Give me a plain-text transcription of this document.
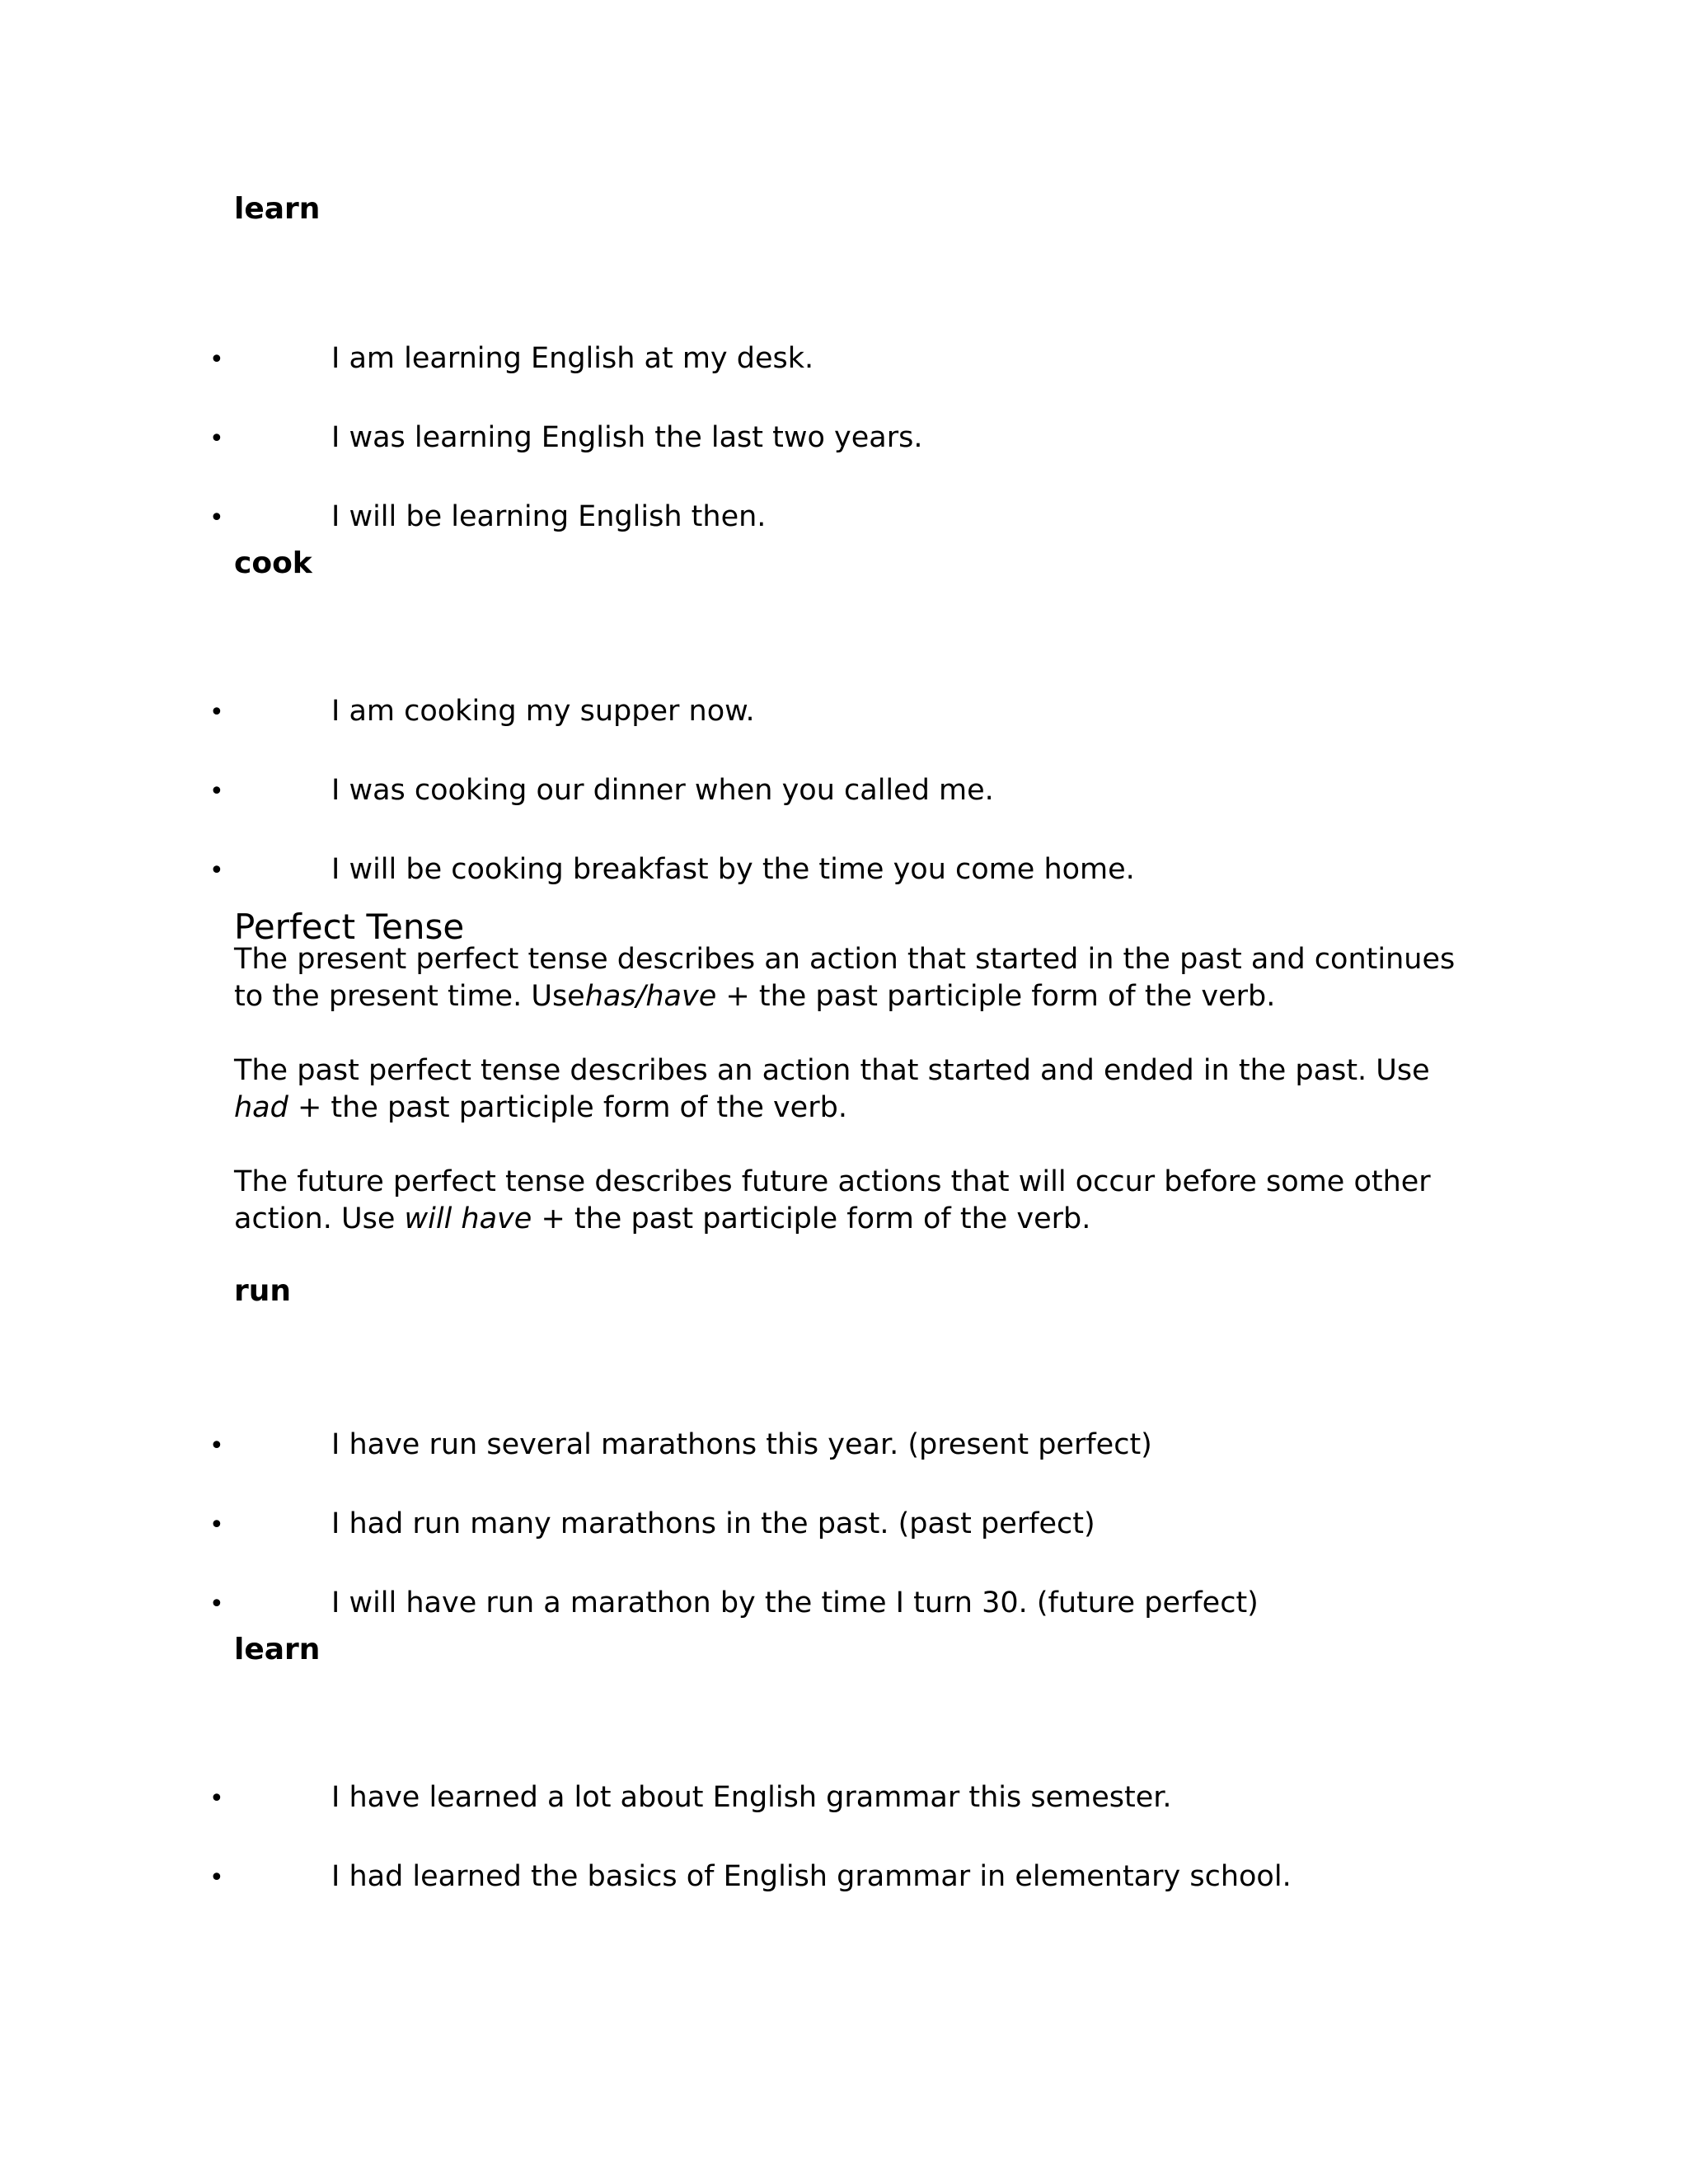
learn
•	I am learning English at my desk.
•	I was learning English the last two years.
•	I will be learning English then.
cook
•	I am cooking my supper now.
•	I was cooking our dinner when you called me.
•	I will be cooking breakfast by the time you come home.
Perfect Tense
The present perfect tense describes an action that started in the past and continues to the present time. Usehas/have + the past participle form of the verb.
The past perfect tense describes an action that started and ended in the past. Use had + the past participle form of the verb.
The future perfect tense describes future actions that will occur before some other action. Use will have + the past participle form of the verb.
run
•	I have run several marathons this year. (present perfect)
•	I had run many marathons in the past. (past perfect)
•	I will have run a marathon by the time I turn 30. (future perfect)
learn
•	I have learned a lot about English grammar this semester.
•	I had learned the basics of English grammar in elementary school.
